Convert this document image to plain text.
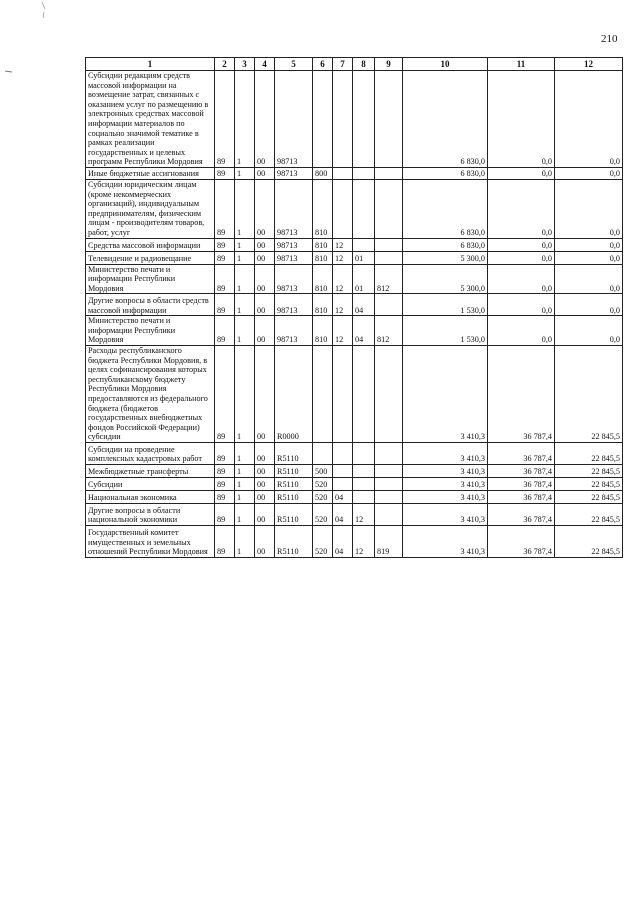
210
1	2	3	4	5	6	7	8	9	10	11	12
Субсидии редакциям средств массовой информации на возмещение затрат, связанных с оказанием услуг по размещению в электронных средствах массовой информации материалов по социально значимой тематике в рамках реализации государственных и целевых программ Республики Мордовия	89	1	00	98713					6 830,0	0,0	0,0
Иные бюджетные ассигнования	89	1	00	98713	800				6 830,0	0,0	0,0
Субсидии юридическим лицам (кроме некоммерческих организаций), индивидуальным предпринимателям, физическим лицам - производителям товаров, работ, услуг	89	1	00	98713	810				6 830,0	0,0	0,0
Средства массовой информации	89	1	00	98713	810	12			6 830,0	0,0	0,0
Телевидение и радиовещание	89	1	00	98713	810	12	01		5 300,0	0,0	0,0
Министерство печати и информации Республики Мордовия	89	1	00	98713	810	12	01	812	5 300,0	0,0	0,0
Другие вопросы в области средств массовой информации	89	1	00	98713	810	12	04		1 530,0	0,0	0,0
Министерство печати и информации Республики Мордовия	89	1	00	98713	810	12	04	812	1 530,0	0,0	0,0
Расходы республиканского бюджета Республики Мордовия, в целях софинансирования которых республиканскому бюджету Республики Мордовия предоставляются из федерального бюджета (бюджетов государственных внебюджетных фондов Российской Федерации) субсидии	89	1	00	R0000					3 410,3	36 787,4	22 845,5
Субсидии на проведение комплексных кадастровых работ	89	1	00	R5110					3 410,3	36 787,4	22 845,5
Межбюджетные трансферты	89	1	00	R5110	500				3 410,3	36 787,4	22 845,5
Субсидии	89	1	00	R5110	520				3 410,3	36 787,4	22 845,5
Национальная экономика	89	1	00	R5110	520	04			3 410,3	36 787,4	22 845,5
Другие вопросы в области национальной экономики	89	1	00	R5110	520	04	12		3 410,3	36 787,4	22 845,5
Государственный комитет имущественных и земельных отношений Республики Мордовия	89	1	00	R5110	520	04	12	819	3 410,3	36 787,4	22 845,5
